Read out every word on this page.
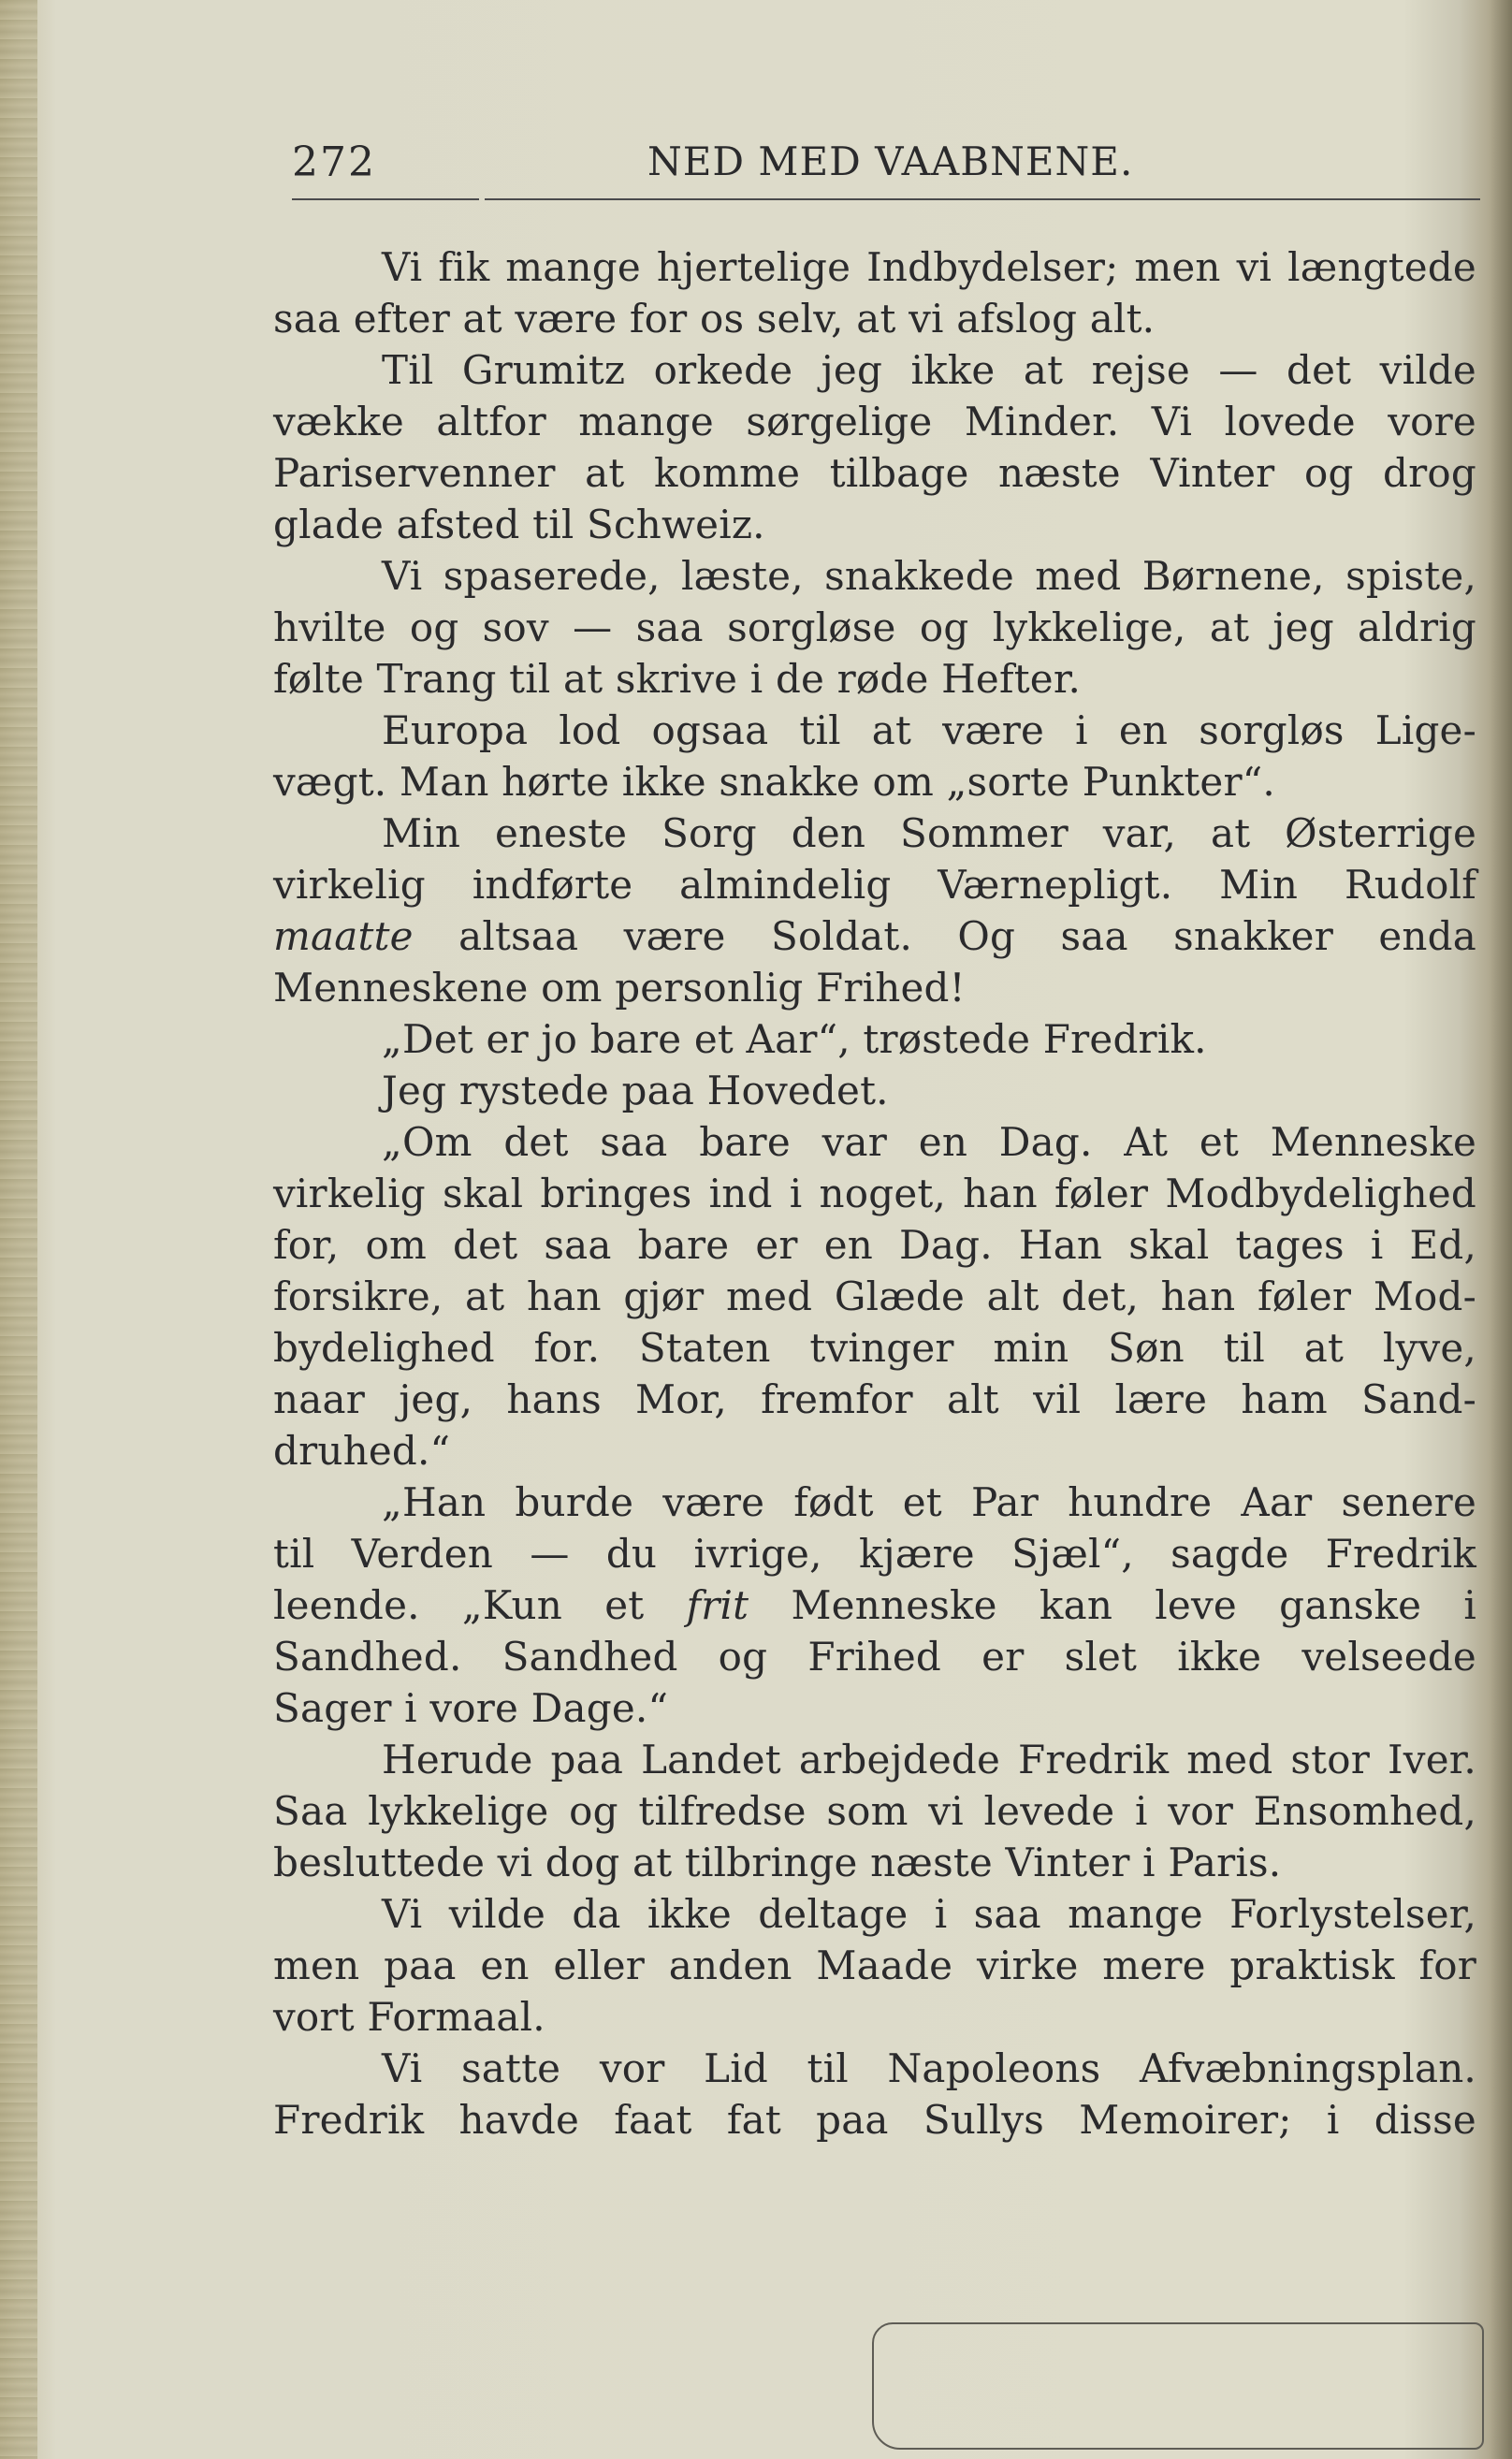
272	NED MED VAABNENE.
Vi fik mange hjertelige Indbydelser; men vi længtede
saa efter at være for os selv, at vi afslog alt.
Til Grumitz orkede jeg ikke at rejse — det vilde
vække altfor mange sørgelige Minder. Vi lovede vore
Pariservenner at komme tilbage næste Vinter og drog
glade afsted til Schweiz.
Vi spaserede, læste, snakkede med Børnene, spiste,
hvilte og sov — saa sorgløse og lykkelige, at jeg aldrig
følte Trang til at skrive i de røde Hefter.
Europa lod ogsaa til at være i en sorgløs Lige-
vægt. Man hørte ikke snakke om „sorte Punkter“.
Min eneste Sorg den Sommer var, at Østerrige
virkelig indførte almindelig Værnepligt. Min Rudolf
maatte altsaa være Soldat. Og saa snakker enda
Menneskene om personlig Frihed!
„Det er jo bare et Aar“, trøstede Fredrik.
Jeg rystede paa Hovedet.
„Om det saa bare var en Dag. At et Menneske
virkelig skal bringes ind i noget, han føler Modbydelighed
for, om det saa bare er en Dag. Han skal tages i Ed,
forsikre, at han gjør med Glæde alt det, han føler Mod-
bydelighed for. Staten tvinger min Søn til at lyve,
naar jeg, hans Mor, fremfor alt vil lære ham Sand-
druhed.“
„Han burde være født et Par hundre Aar senere
til Verden — du ivrige, kjære Sjæl“, sagde Fredrik
leende. „Kun et frit Menneske kan leve ganske i
Sandhed. Sandhed og Frihed er slet ikke velseede
Sager i vore Dage.“
Herude paa Landet arbejdede Fredrik med stor Iver.
Saa lykkelige og tilfredse som vi levede i vor Ensomhed,
besluttede vi dog at tilbringe næste Vinter i Paris.
Vi vilde da ikke deltage i saa mange Forlystelser,
men paa en eller anden Maade virke mere praktisk for
vort Formaal.
Vi satte vor Lid til Napoleons Afvæbningsplan.
Fredrik havde faat fat paa Sullys Memoirer; i disse
